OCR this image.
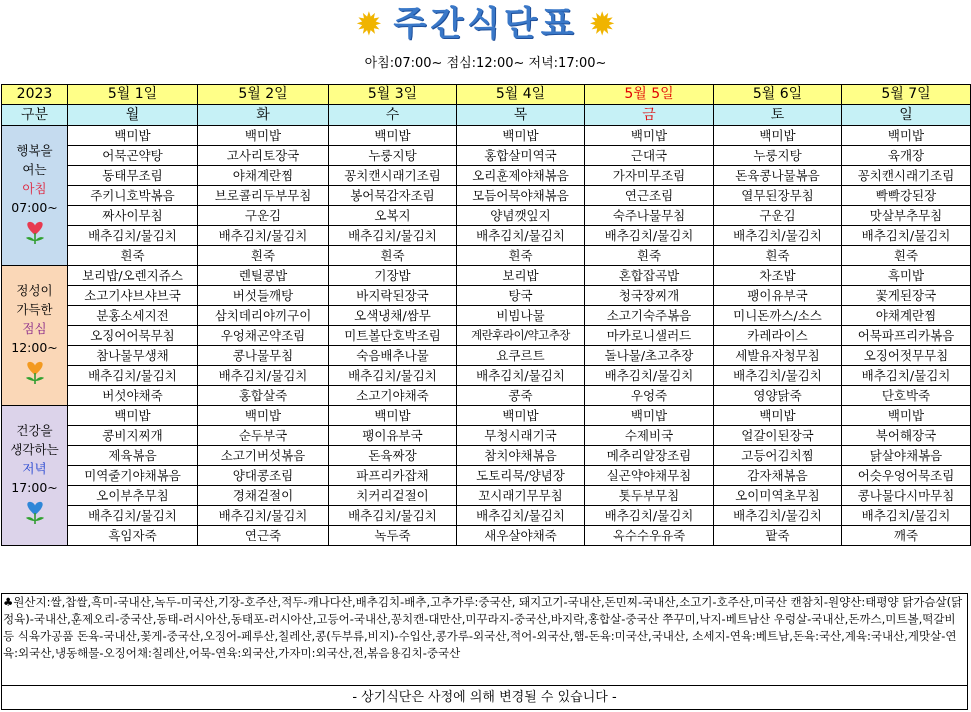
✹ 주간식단표 ✹
아침:07:00~ 점심:12:00~ 저녁:17:00~
2023	5월 1일	5월 2일	5월 3일	5월 4일	5월 5일	5월 6일	5월 7일
구분	월	화	수	목	금	토	일

행복을
여는
아침
07:00~	백미밥	백미밥	백미밥	백미밥	백미밥	백미밥	백미밥
	어묵곤약탕	고사리토장국	누룽지탕	홍합살미역국	근대국	누룽지탕	육개장
	동태무조림	야채계란찜	꽁치캔시래기조림	오리훈제야채볶음	가자미무조림	돈육콩나물볶음	꽁치캔시래기조림
	주키니호박볶음	브로콜리두부무침	봉어묵감자조림	모듬어묵야채볶음	연근조림	열무된장무침	빡빡강된장
	짜사이무침	구운김	오복지	양념깻잎지	숙주나물무침	구운김	맛살부추무침
	배추김치/물김치	배추김치/물김치	배추김치/물김치	배추김치/물김치	배추김치/물김치	배추김치/물김치	배추김치/물김치
	흰죽	흰죽	흰죽	흰죽	흰죽	흰죽	흰죽

정성이
가득한
점심
12:00~	보리밥/오렌지쥬스	렌틸콩밥	기장밥	보리밥	혼합잡곡밥	차조밥	흑미밥
	소고기샤브샤브국	버섯들깨탕	바지락된장국	탕국	청국장찌개	팽이유부국	꽃게된장국
	분홍소세지전	삼치데리야끼구이	오색냉채/쌈무	비빔나물	소고기숙주볶음	미니돈까스/소스	야채계란찜
	오징어어묵무침	우엉채곤약조림	미트볼단호박조림	계란후라이/약고추장	마카로니샐러드	카레라이스	어묵파프리카볶음
	참나물무생채	콩나물무침	숙음배추나물	요쿠르트	돌나물/초고추장	세발유자청무침	오징어젓무무침
	배추김치/물김치	배추김치/물김치	배추김치/물김치	배추김치/물김치	배추김치/물김치	배추김치/물김치	배추김치/물김치
	버섯야채죽	홍합살죽	소고기야채죽	콩죽	우엉죽	영양닭죽	단호박죽

건강을
생각하는
저녁
17:00~	백미밥	백미밥	백미밥	백미밥	백미밥	백미밥	백미밥
	콩비지찌개	순두부국	팽이유부국	무청시래기국	수제비국	얼갈이된장국	북어해장국
	제육볶음	소고기버섯볶음	돈육짜장	참치야채볶음	메추리알장조림	고등어김치찜	닭살야채볶음
	미역줄기야채볶음	양대콩조림	파프리카잡채	도토리묵/양념장	실곤약야채무침	감자채볶음	어슷우엉어묵조림
	오이부추무침	경채겉절이	치커리겉절이	꼬시래기무무침	톳두부무침	오이미역초무침	콩나물다시마무침
	배추김치/물김치	배추김치/물김치	배추김치/물김치	배추김치/물김치	배추김치/물김치	배추김치/물김치	배추김치/물김치
	흑임자죽	연근죽	녹두죽	새우살야채죽	옥수수우유죽	팥죽	깨죽
♣원산지:쌀,찹쌀,흑미-국내산,녹두-미국산,기장-호주산,적두-캐나다산,배추김치-배추,고추가루:중국산, 돼지고기-국내산,돈민찌-국내산,소고기-호주산,미국산 캔참치-원양산:태평양 닭가슴살(닭정육)-국내산,훈제오리-중국산,동태-러시아산,동태포-러시아산,고등어-국내산,꽁치캔-대만산,미꾸라지-중국산,바지락,홍합살-중국산 쭈꾸미,낙지-베트남산 우렁살-국내산,돈까스,미트볼,떡갈비등 식육가공품 돈육-국내산,꽃게-중국산,오징어-페루산,칠레산,콩(두부류,비지)-수입산,콩가루-외국산,적어-외국산,햄-돈육:미국산,국내산, 소세지-연육:베트남,돈육:국산,계육:국내산,게맛살-연육:외국산,냉동해물-오징어채:칠레산,어묵-연육:외국산,가자미:외국산,전,볶음용김치-중국산
- 상기식단은 사정에 의해 변경될 수 있습니다 -
